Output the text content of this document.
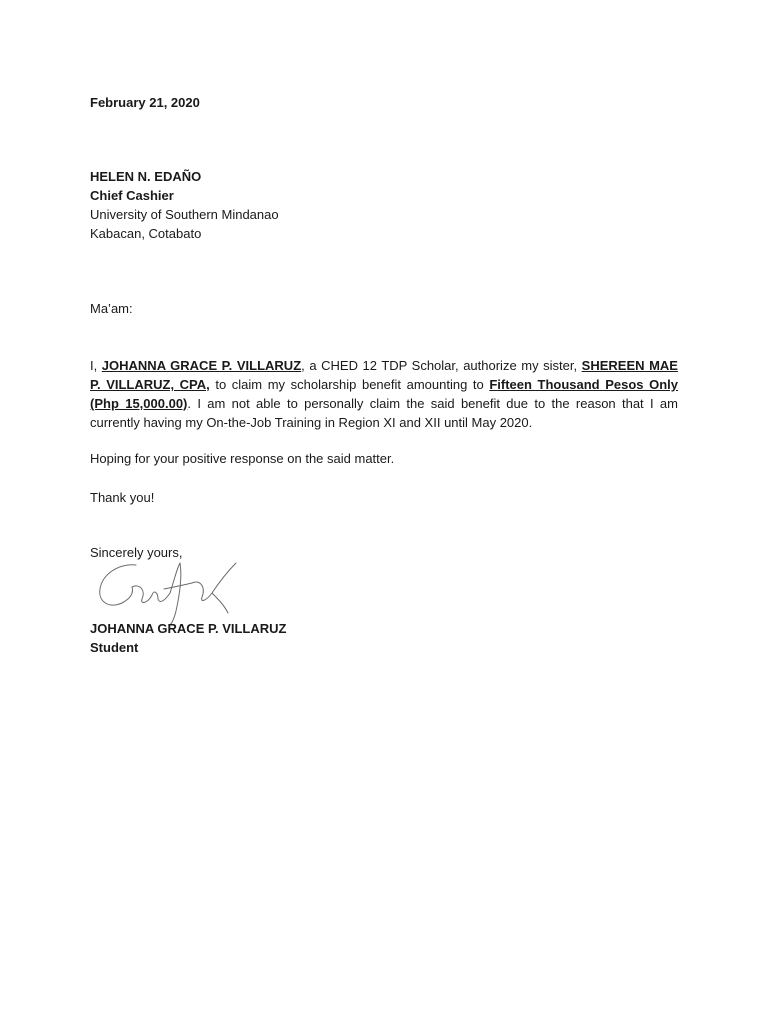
February 21, 2020
HELEN N. EDAÑO
Chief Cashier
University of Southern Mindanao
Kabacan, Cotabato
Ma’am:
I, JOHANNA GRACE P. VILLARUZ, a CHED 12 TDP Scholar, authorize my sister, SHEREEN MAE P. VILLARUZ, CPA, to claim my scholarship benefit amounting to Fifteen Thousand Pesos Only (Php 15,000.00). I am not able to personally claim the said benefit due to the reason that I am currently having my On-the-Job Training in Region XI and XII until May 2020.
Hoping for your positive response on the said matter.
Thank you!
Sincerely yours,
JOHANNA GRACE P. VILLARUZ
Student
